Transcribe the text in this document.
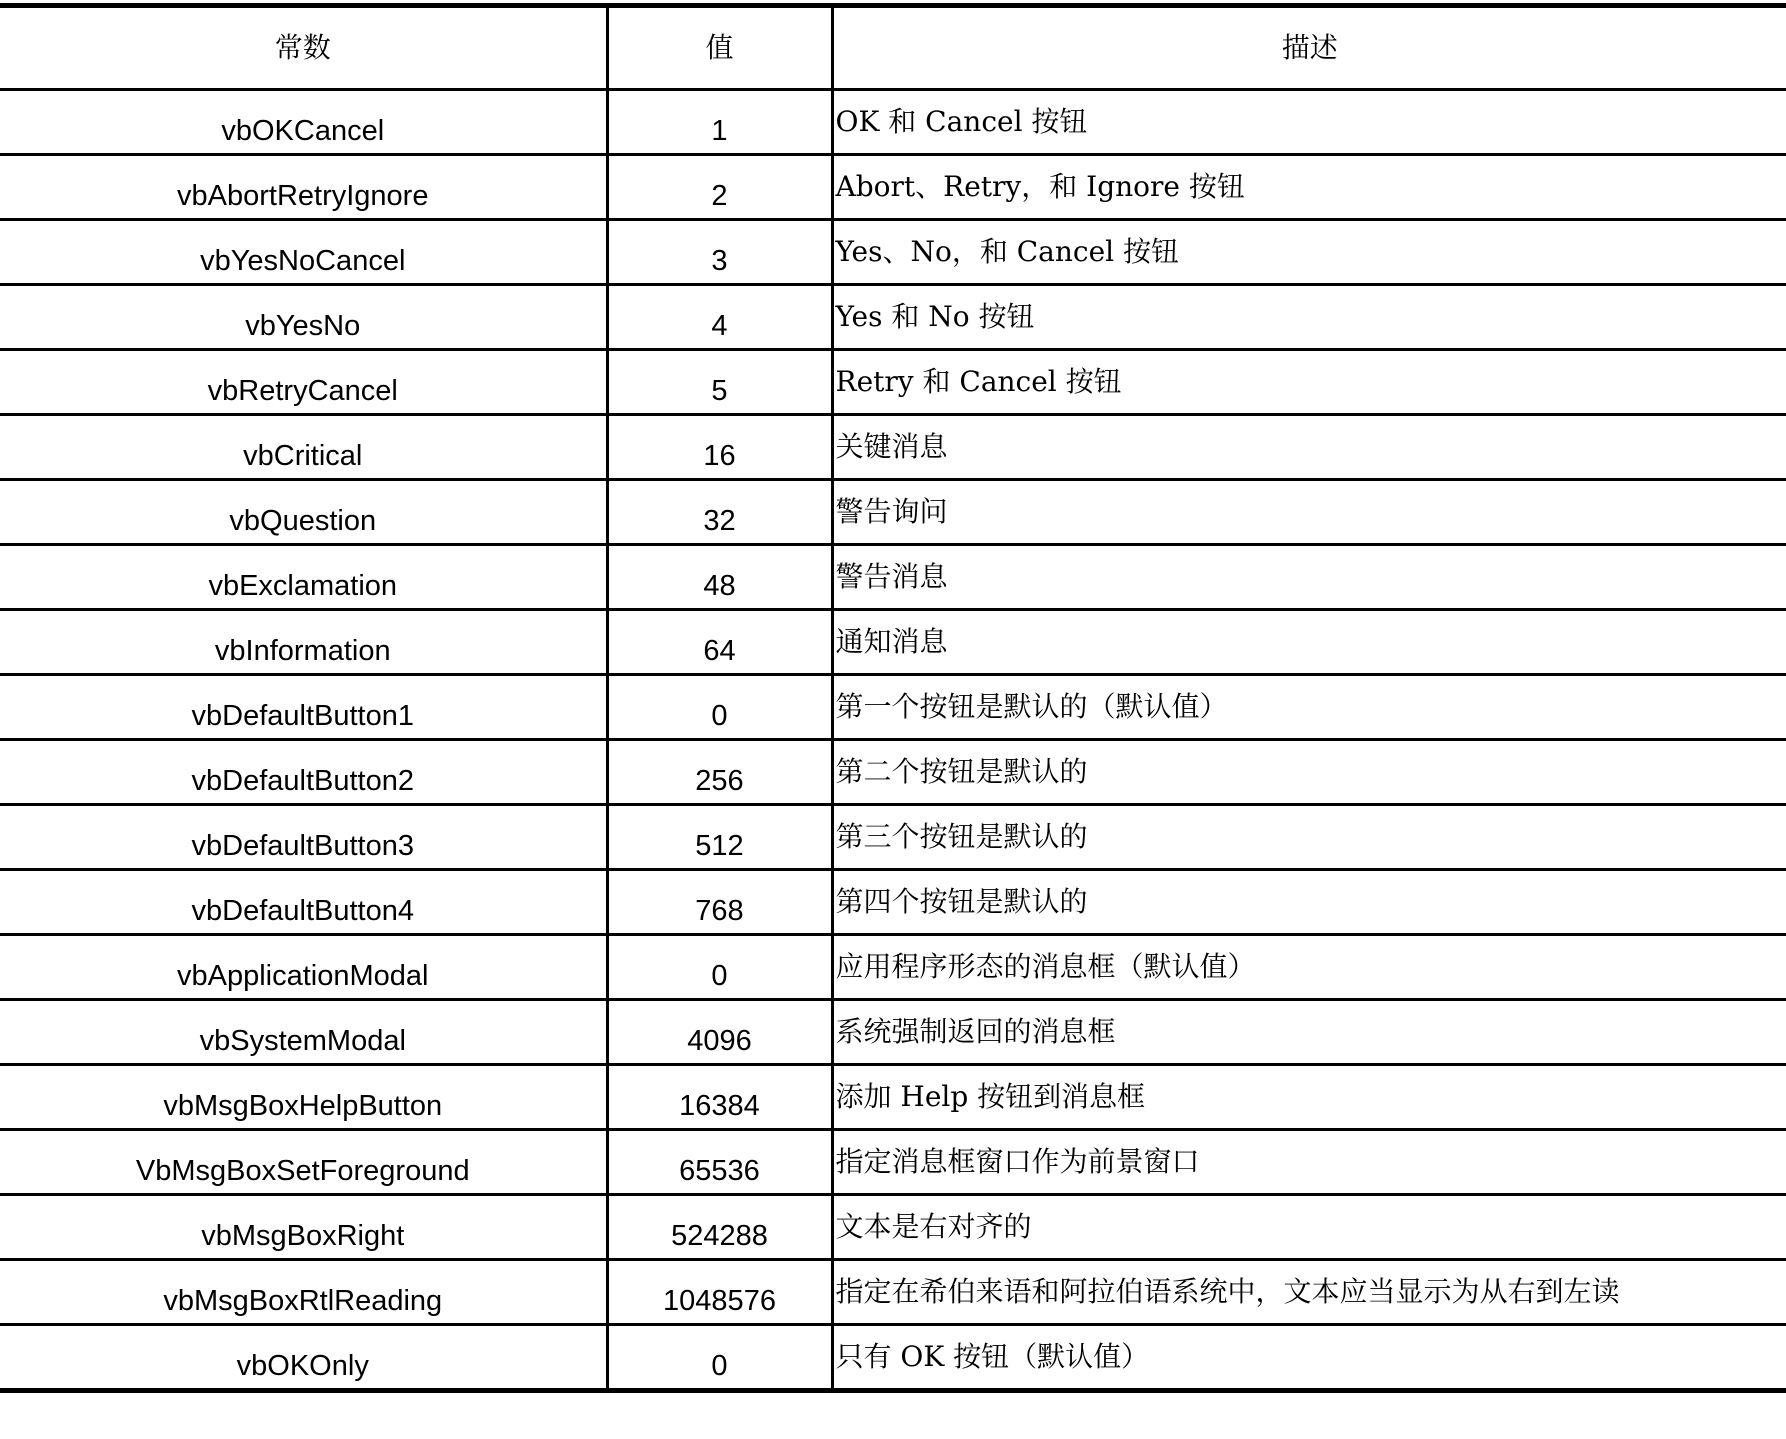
常数	值	描述
vbOKCancel	1	OK 和 Cancel 按钮
vbAbortRetryIgnore	2	Abort、Retry，和 Ignore 按钮
vbYesNoCancel	3	Yes、No，和 Cancel 按钮
vbYesNo	4	Yes 和 No 按钮
vbRetryCancel	5	Retry 和 Cancel 按钮
vbCritical	16	关键消息
vbQuestion	32	警告询问
vbExclamation	48	警告消息
vbInformation	64	通知消息
vbDefaultButton1	0	第一个按钮是默认的（默认值）
vbDefaultButton2	256	第二个按钮是默认的
vbDefaultButton3	512	第三个按钮是默认的
vbDefaultButton4	768	第四个按钮是默认的
vbApplicationModal	0	应用程序形态的消息框（默认值）
vbSystemModal	4096	系统强制返回的消息框
vbMsgBoxHelpButton	16384	添加 Help 按钮到消息框
VbMsgBoxSetForeground	65536	指定消息框窗口作为前景窗口
vbMsgBoxRight	524288	文本是右对齐的
vbMsgBoxRtlReading	1048576	指定在希伯来语和阿拉伯语系统中，文本应当显示为从右到左读
vbOKOnly	0	只有 OK 按钮（默认值）
